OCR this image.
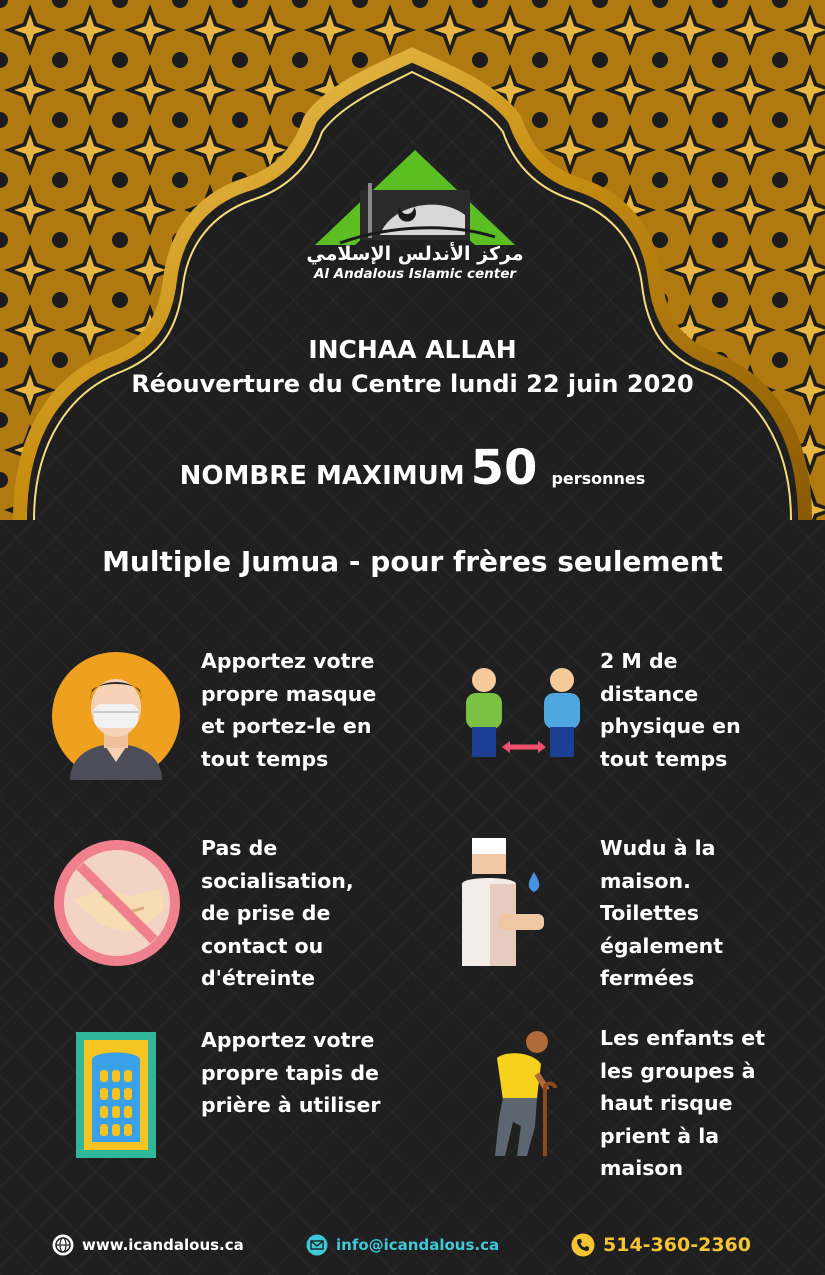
مركز الأندلس الإسلامي
Al Andalous Islamic center
INCHAA ALLAH
Réouverture du Centre lundi 22 juin 2020
NOMBRE MAXIMUM 50 personnes
Multiple Jumua - pour frères seulement
Apportez votre
propre masque
et portez-le en
tout temps
2 M de
distance
physique en
tout temps
Pas de
socialisation,
de prise de
contact ou
d'étreinte
Wudu à la
maison.
Toilettes
également
fermées
Apportez votre
propre tapis de
prière à utiliser
Les enfants et
les groupes à
haut risque
prient à la
maison
www.icandalous.ca	info@icandalous.ca	514-360-2360
